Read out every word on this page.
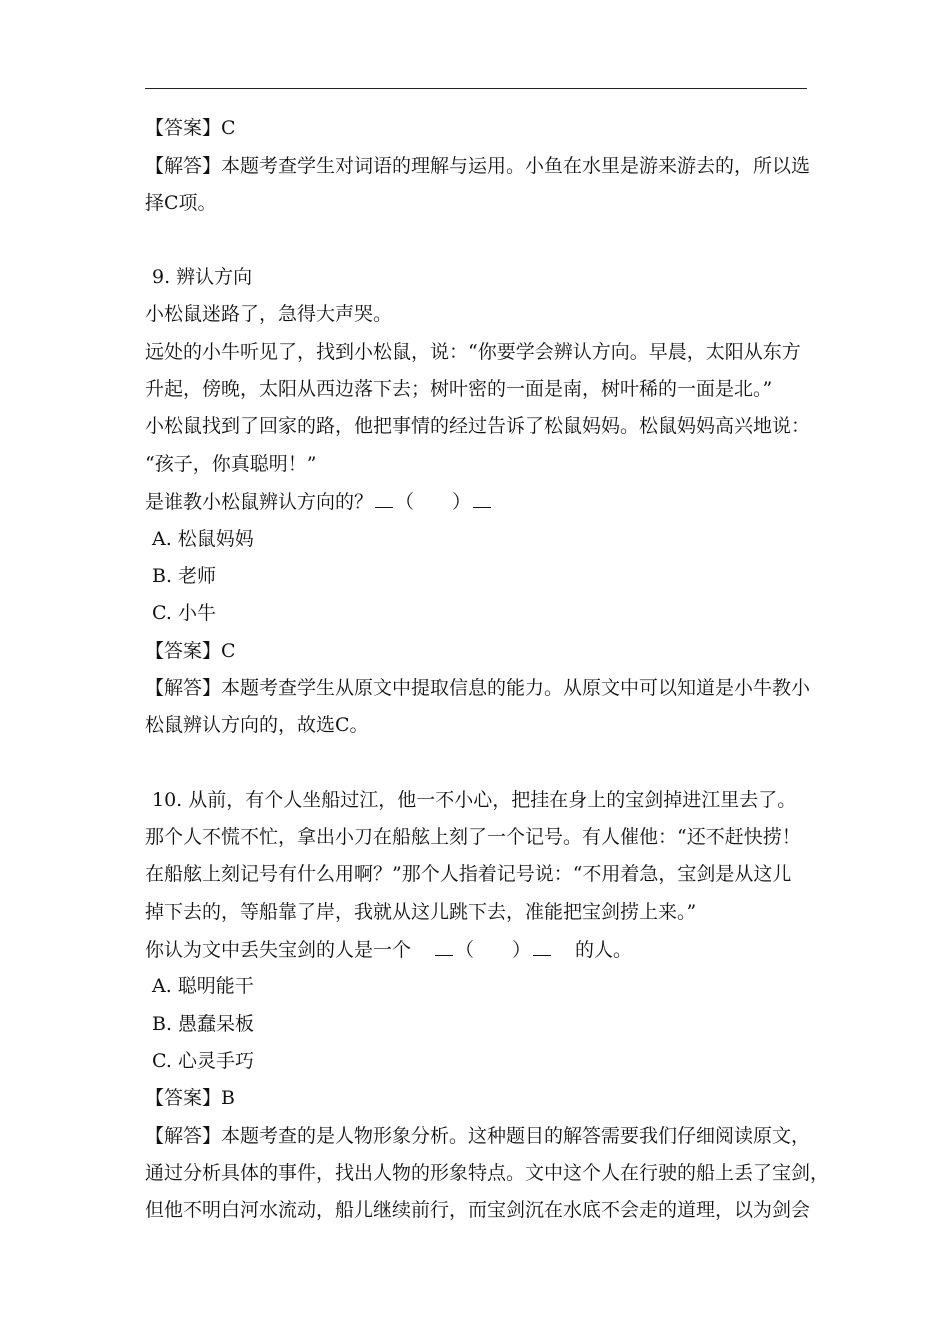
【答案】C
【解答】本题考查学生对词语的理解与运用。小鱼在水里是游来游去的，所以选
择C项。
9. 辨认方向
小松鼠迷路了，急得大声哭。
远处的小牛听见了，找到小松鼠，说：“你要学会辨认方向。早晨，太阳从东方
升起，傍晚，太阳从西边落下去；树叶密的一面是南，树叶稀的一面是北。”
小松鼠找到了回家的路，他把事情的经过告诉了松鼠妈妈。松鼠妈妈高兴地说：
“孩子，你真聪明！”
是谁教小松鼠辨认方向的？ （　　）
A. 松鼠妈妈
B. 老师
C. 小牛
【答案】C
【解答】本题考查学生从原文中提取信息的能力。从原文中可以知道是小牛教小
松鼠辨认方向的，故选C。
10. 从前，有个人坐船过江，他一不小心，把挂在身上的宝剑掉进江里去了。
那个人不慌不忙，拿出小刀在船舷上刻了一个记号。有人催他：“还不赶快捞！
在船舷上刻记号有什么用啊？”那个人指着记号说：“不用着急，宝剑是从这儿
掉下去的，等船靠了岸，我就从这儿跳下去，准能把宝剑捞上来。”
你认为文中丢失宝剑的人是一个 （　　） 的人。
A. 聪明能干
B. 愚蠢呆板
C. 心灵手巧
【答案】B
【解答】本题考查的是人物形象分析。这种题目的解答需要我们仔细阅读原文，
通过分析具体的事件，找出人物的形象特点。文中这个人在行驶的船上丢了宝剑，
但他不明白河水流动，船儿继续前行，而宝剑沉在水底不会走的道理，以为剑会
